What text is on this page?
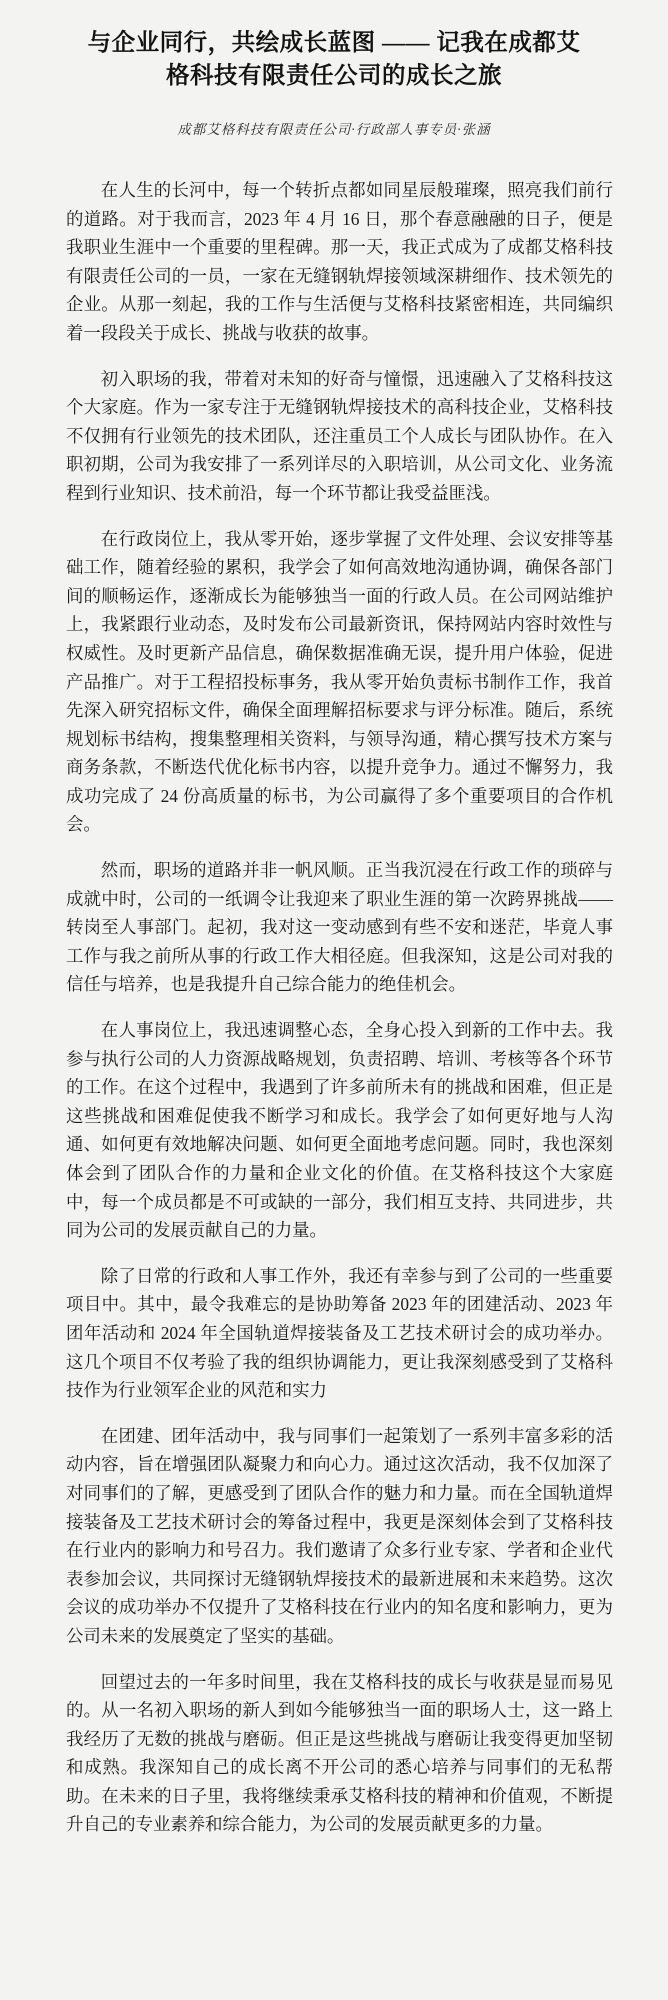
与企业同行，共绘成长蓝图 —— 记我在成都艾格科技有限责任公司的成长之旅
成都艾格科技有限责任公司·行政部人事专员·张涵

在人生的长河中，每一个转折点都如同星辰般璀璨，照亮我们前行的道路。对于我而言，2023 年 4 月 16 日，那个春意融融的日子，便是我职业生涯中一个重要的里程碑。那一天，我正式成为了成都艾格科技有限责任公司的一员，一家在无缝钢轨焊接领域深耕细作、技术领先的企业。从那一刻起，我的工作与生活便与艾格科技紧密相连，共同编织着一段段关于成长、挑战与收获的故事。

初入职场的我，带着对未知的好奇与憧憬，迅速融入了艾格科技这个大家庭。作为一家专注于无缝钢轨焊接技术的高科技企业，艾格科技不仅拥有行业领先的技术团队，还注重员工个人成长与团队协作。在入职初期，公司为我安排了一系列详尽的入职培训，从公司文化、业务流程到行业知识、技术前沿，每一个环节都让我受益匪浅。

在行政岗位上，我从零开始，逐步掌握了文件处理、会议安排等基础工作，随着经验的累积，我学会了如何高效地沟通协调，确保各部门间的顺畅运作，逐渐成长为能够独当一面的行政人员。在公司网站维护上，我紧跟行业动态，及时发布公司最新资讯，保持网站内容时效性与权威性。及时更新产品信息，确保数据准确无误，提升用户体验，促进产品推广。对于工程招投标事务，我从零开始负责标书制作工作，我首先深入研究招标文件，确保全面理解招标要求与评分标准。随后，系统规划标书结构，搜集整理相关资料，与领导沟通，精心撰写技术方案与商务条款，不断迭代优化标书内容，以提升竞争力。通过不懈努力，我成功完成了 24 份高质量的标书，为公司赢得了多个重要项目的合作机会。

然而，职场的道路并非一帆风顺。正当我沉浸在行政工作的琐碎与成就中时，公司的一纸调令让我迎来了职业生涯的第一次跨界挑战——转岗至人事部门。起初，我对这一变动感到有些不安和迷茫，毕竟人事工作与我之前所从事的行政工作大相径庭。但我深知，这是公司对我的信任与培养，也是我提升自己综合能力的绝佳机会。

在人事岗位上，我迅速调整心态，全身心投入到新的工作中去。我参与执行公司的人力资源战略规划，负责招聘、培训、考核等各个环节的工作。在这个过程中，我遇到了许多前所未有的挑战和困难，但正是这些挑战和困难促使我不断学习和成长。我学会了如何更好地与人沟通、如何更有效地解决问题、如何更全面地考虑问题。同时，我也深刻体会到了团队合作的力量和企业文化的价值。在艾格科技这个大家庭中，每一个成员都是不可或缺的一部分，我们相互支持、共同进步，共同为公司的发展贡献自己的力量。

除了日常的行政和人事工作外，我还有幸参与到了公司的一些重要项目中。其中，最令我难忘的是协助筹备 2023 年的团建活动、2023 年团年活动和 2024 年全国轨道焊接装备及工艺技术研讨会的成功举办。这几个项目不仅考验了我的组织协调能力，更让我深刻感受到了艾格科技作为行业领军企业的风范和实力

在团建、团年活动中，我与同事们一起策划了一系列丰富多彩的活动内容，旨在增强团队凝聚力和向心力。通过这次活动，我不仅加深了对同事们的了解，更感受到了团队合作的魅力和力量。而在全国轨道焊接装备及工艺技术研讨会的筹备过程中，我更是深刻体会到了艾格科技在行业内的影响力和号召力。我们邀请了众多行业专家、学者和企业代表参加会议，共同探讨无缝钢轨焊接技术的最新进展和未来趋势。这次会议的成功举办不仅提升了艾格科技在行业内的知名度和影响力，更为公司未来的发展奠定了坚实的基础。

回望过去的一年多时间里，我在艾格科技的成长与收获是显而易见的。从一名初入职场的新人到如今能够独当一面的职场人士，这一路上我经历了无数的挑战与磨砺。但正是这些挑战与磨砺让我变得更加坚韧和成熟。我深知自己的成长离不开公司的悉心培养与同事们的无私帮助。在未来的日子里，我将继续秉承艾格科技的精神和价值观，不断提升自己的专业素养和综合能力，为公司的发展贡献更多的力量。
